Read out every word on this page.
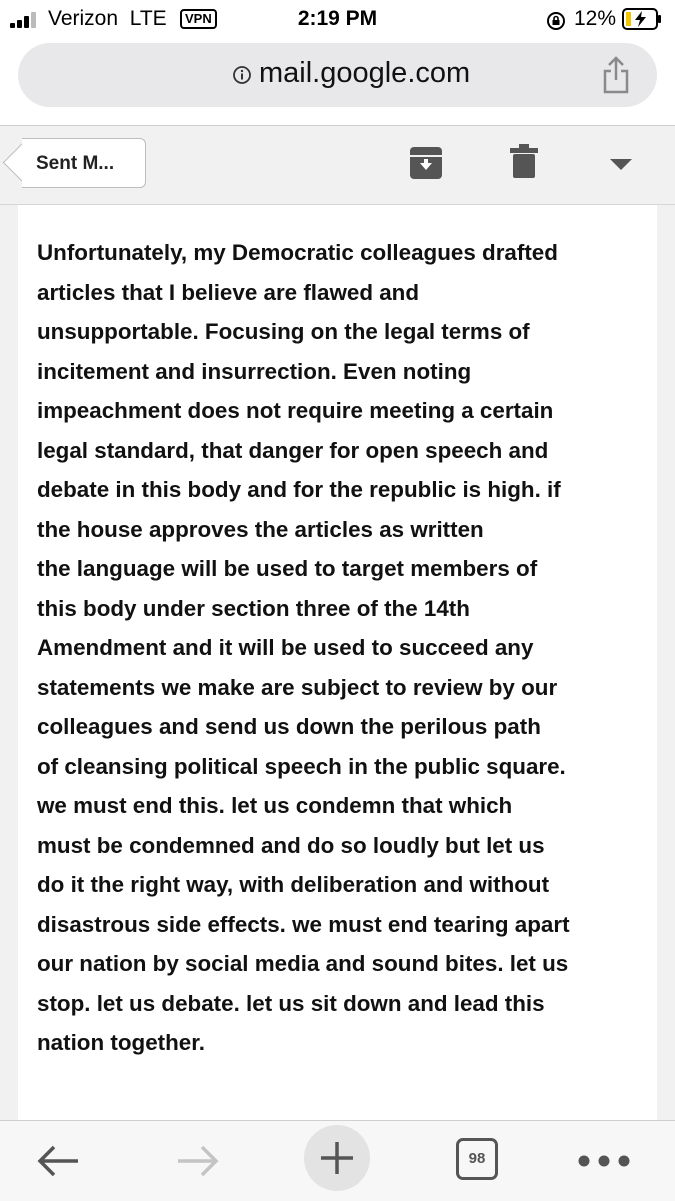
Verizon LTE	VPN	2:19 PM	12%
mail.google.com
Sent M...

Unfortunately, my Democratic colleagues drafted
articles that I believe are flawed and
unsupportable. Focusing on the legal terms of
incitement and insurrection. Even noting
impeachment does not require meeting a certain
legal standard, that danger for open speech and
debate in this body and for the republic is high. if
the house approves the articles as written
the language will be used to target members of
this body under section three of the 14th
Amendment and it will be used to succeed any
statements we make are subject to review by our
colleagues and send us down the perilous path
of cleansing political speech in the public square.
we must end this. let us condemn that which
must be condemned and do so loudly but let us
do it the right way, with deliberation and without
disastrous side effects. we must end tearing apart
our nation by social media and sound bites. let us
stop. let us debate. let us sit down and lead this
nation together.

98
